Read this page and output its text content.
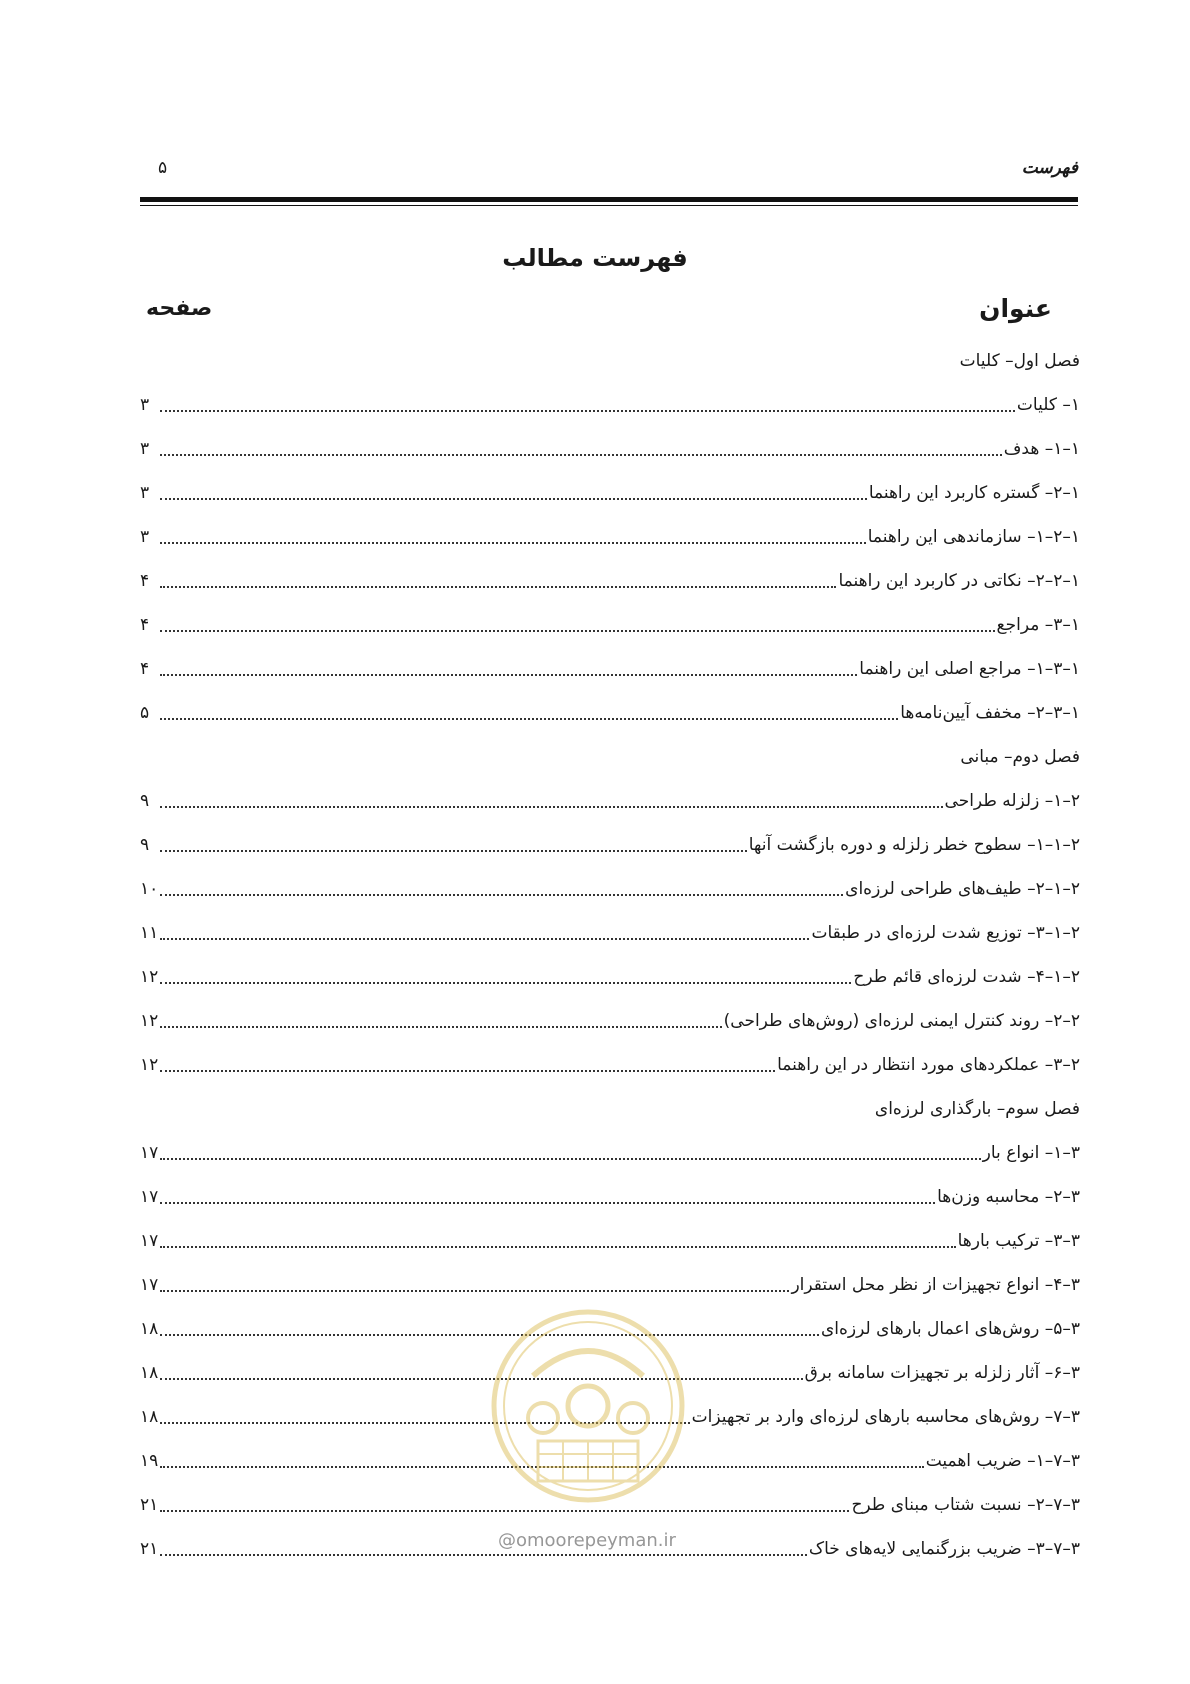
فهرست
۵
فهرست مطالب
عنوان
صفحه
فصل اول– کلیات
۱– کلیات
۳
۱–۱– هدف
۳
۱–۲– گستره کاربرد این راهنما
۳
۱–۲–۱– سازماندهی این راهنما
۳
۱–۲–۲– نکاتی در کاربرد این راهنما
۴
۱–۳– مراجع
۴
۱–۳–۱– مراجع اصلی این راهنما
۴
۱–۳–۲– مخفف آیین‌نامه‌ها
۵
فصل دوم– مبانی
۲–۱– زلزله طراحی
۹
۲–۱–۱– سطوح خطر زلزله و دوره بازگشت آنها
۹
۲–۱–۲– طیف‌های طراحی لرزه‌ای
۱۰
۲–۱–۳– توزیع شدت لرزه‌ای در طبقات
۱۱
۲–۱–۴– شدت لرزه‌ای قائم طرح
۱۲
۲–۲– روند کنترل ایمنی لرزه‌ای (روش‌های طراحی)
۱۲
۲–۳– عملکردهای مورد انتظار در این راهنما
۱۲
فصل سوم– بارگذاری لرزه‌ای
۳–۱– انواع بار
۱۷
۳–۲– محاسبه وزن‌ها
۱۷
۳–۳– ترکیب بارها
۱۷
۳–۴– انواع تجهیزات از نظر محل استقرار
۱۷
۳–۵– روش‌های اعمال بارهای لرزه‌ای
۱۸
۳–۶– آثار زلزله بر تجهیزات سامانه برق
۱۸
۳–۷– روش‌های محاسبه بارهای لرزه‌ای وارد بر تجهیزات
۱۸
۳–۷–۱– ضریب اهمیت
۱۹
۳–۷–۲– نسبت شتاب مبنای طرح
۲۱
۳–۷–۳– ضریب بزرگنمایی لایه‌های خاک
۲۱	@omoorepeyman.ir
